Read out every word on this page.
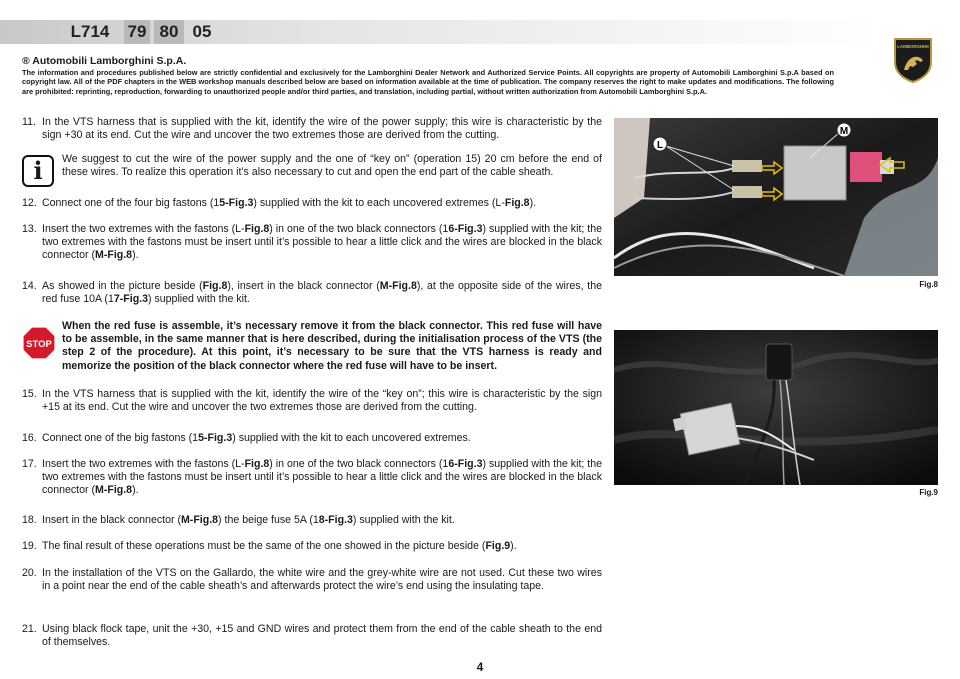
L714	79 80 05
LAMBORGHINI

® Automobili Lamborghini S.p.A.

The information and procedures published below are strictly confidential and exclusively for the Lamborghini Dealer Network and Authorized Service Points. All copyrights are property of Automobili Lamborghini S.p.A based on copyright law. All of the PDF chapters in the WEB workshop manuals described below are based on information available at the time of publication. The company reserves the right to make updates and modifications. The following are prohibited: reprinting, reproduction, forwarding to unauthorized people and/or third parties, and translation, including partial, without written authorization from Automobili Lamborghini S.p.A.

11. In the VTS harness that is supplied with the kit, identify the wire of the power supply; this wire is characteristic by the sign +30 at its end. Cut the wire and uncover the two extremes those are derived from the cutting.
i	We suggest to cut the wire of the power supply and the one of “key on” (operation 15) 20 cm before the end of these wires. To realize this operation it’s also necessary to cut and open the end part of the cable sheath.
12. Connect one of the four big fastons (15-Fig.3) supplied with the kit to each uncovered extremes (L-Fig.8).
13. Insert the two extremes with the fastons (L-Fig.8) in one of the two black connectors (16-Fig.3) supplied with the kit; the two extremes with the fastons must be insert until it’s possible to hear a little click and the wires are blocked in the black connector (M-Fig.8).
14. As showed in the picture beside (Fig.8), insert in the black connector (M-Fig.8), at the opposite side of the wires, the red fuse 10A (17-Fig.3) supplied with the kit.
STOP
When the red fuse is assemble, it’s necessary remove it from the black connector. This red fuse will have to be assemble, in the same manner that is here described, during the initialisation process of the VTS (the step 2 of the procedure). At this point, it’s necessary to be sure that the VTS harness is ready and memorize the position of the black connector where the red fuse will have to be insert.
15. In the VTS harness that is supplied with the kit, identify the wire of the “key on”; this wire is characteristic by the sign +15 at its end. Cut the wire and uncover the two extremes those are derived from the cutting.
16. Connect one of the big fastons (15-Fig.3) supplied with the kit to each uncovered extremes.
17. Insert the two extremes with the fastons (L-Fig.8) in one of the two black connectors (16-Fig.3) supplied with the kit; the two extremes with the fastons must be insert until it’s possible to hear a little click and the wires are blocked in the black connector (M-Fig.8).
18. Insert in the black connector (M-Fig.8) the beige fuse 5A (18-Fig.3) supplied with the kit.
19. The final result of these operations must be the same of the one showed in the picture beside (Fig.9).
20. In the installation of the VTS on the Gallardo, the white wire and the grey-white wire are not used. Cut these two wires in a point near the end of the cable sheath’s and afterwards protect the wire’s end using the insulating tape.
21. Using black flock tape, unit the +30, +15 and GND wires and protect them from the end of the cable sheath to the end of themselves.
L
M
Fig.8
Fig.9
4
